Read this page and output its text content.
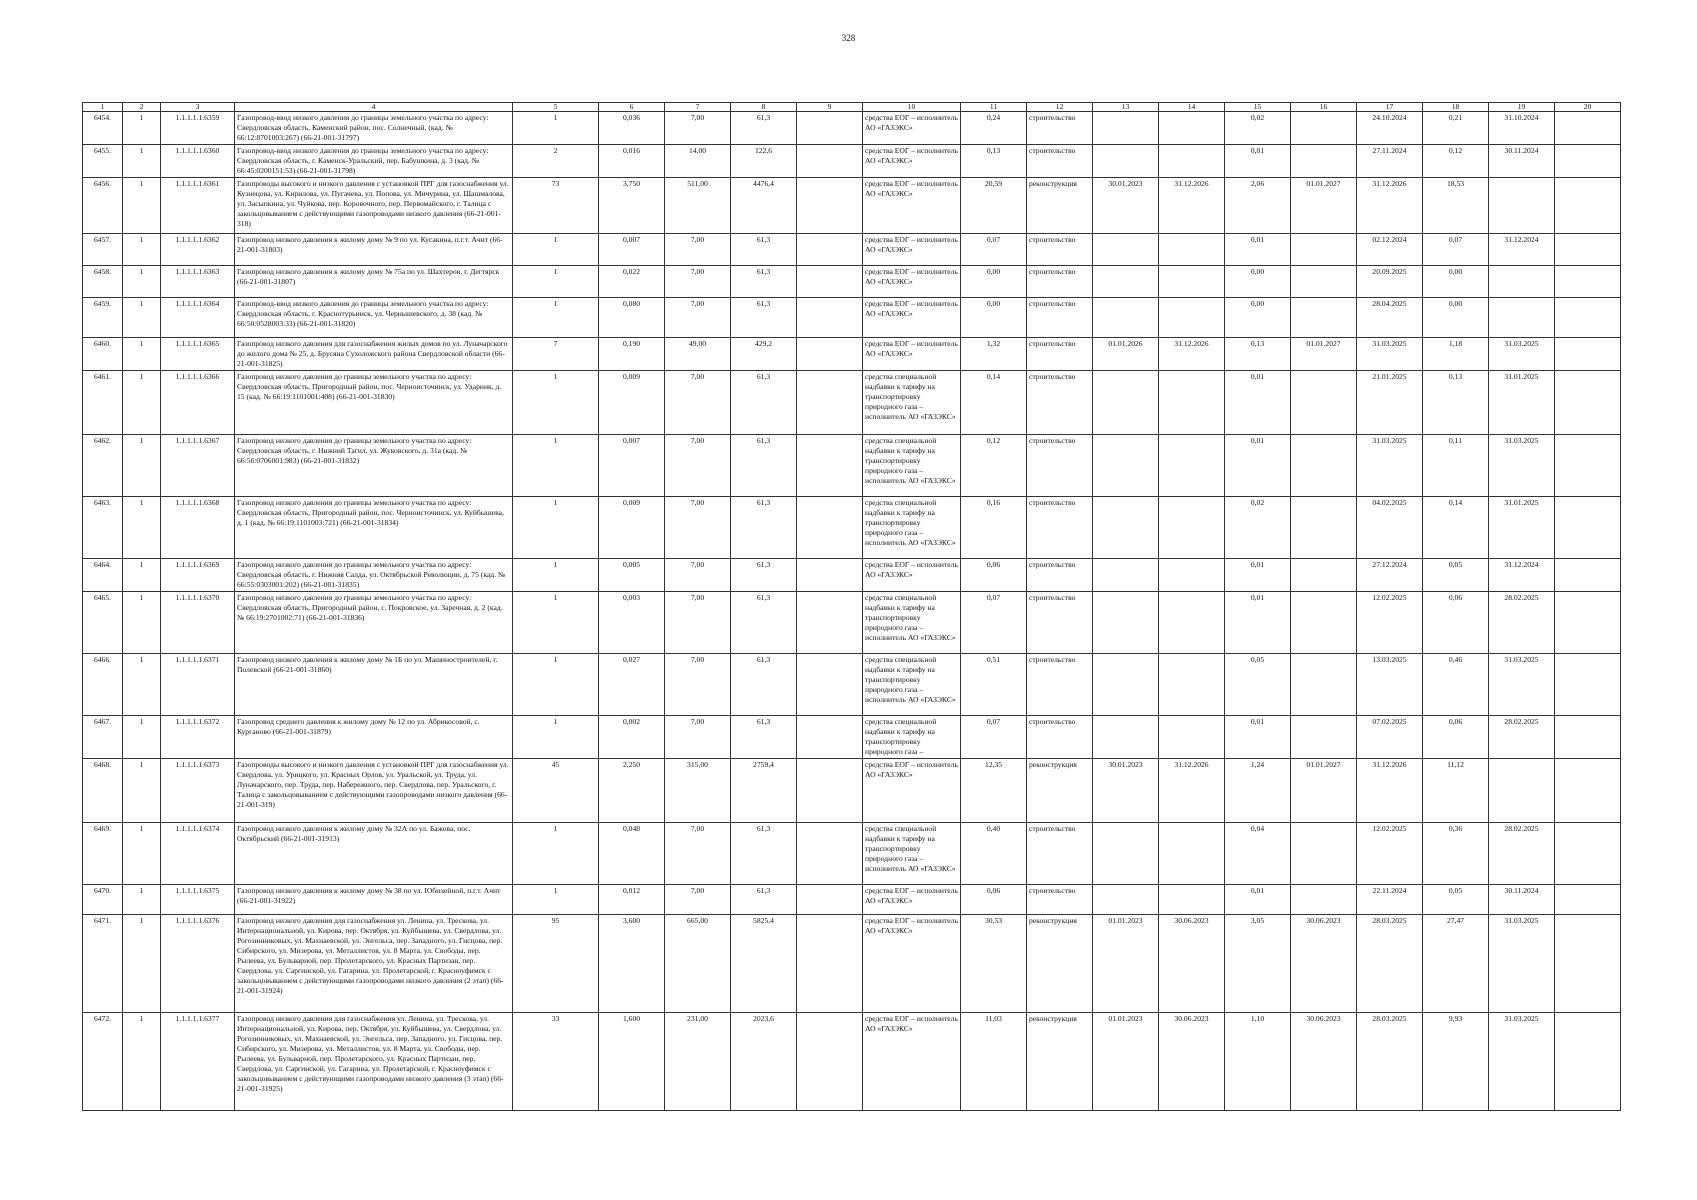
328
1	2	3	4	5	6	7	8	9	10	11	12	13	14	15	16	17	18	19	20
6454.	1	1.1.1.1.1.6359	Газопровод-ввод низкого давления до границы земельного участка по адресу: Свердловская область, Каменский район, пос. Солнечный, (кад. № 66:12:8701003:267) (66-21-001-31797)	1	0,036	7,00	61,3		средства ЕОГ – исполнитель АО «ГАЗЭКС»	0,24	строительство			0,02		24.10.2024	0,21	31.10.2024	
6455.	1	1.1.1.1.1.6360	Газопровод-ввод низкого давления до границы земельного участка по адресу: Свердловская область, г. Каменск-Уральский, пер. Бабушкина, д. 3 (кад. № 66:45:0200151:53) (66-21-001-31798)	2	0,016	14,00	122,6		средства ЕОГ – исполнитель АО «ГАЗЭКС»	0,13	строительство			0,01		27.11.2024	0,12	30.11.2024	
6456.	1	1.1.1.1.1.6361	Газопроводы высокого и низкого давления с установкой ПРГ для газоснабжения ул. Кузнецова, ул. Кирилова, ул. Пугачева, ул. Попова, ул. Мичурина, ул. Шашмалова, ул. Засыпкина, ул. Чуйкова, пер. Коровочного, пер. Первомайского, г. Талица с закольцовыванием с действующими газопроводами низкого давления (66-21-001-318)	73	3,750	511,00	4476,4		средства ЕОГ – исполнитель АО «ГАЗЭКС»	20,59	реконструкция	30.01.2023	31.12.2026	2,06	01.01.2027	31.12.2026	18,53		
6457.	1	1.1.1.1.1.6362	Газопровод низкого давления к жилому дому № 9 по ул. Кусакина, п.г.т. Ачит (66-21-001-31803)	1	0,007	7,00	61,3		средства ЕОГ – исполнитель АО «ГАЗЭКС»	0,07	строительство			0,01		02.12.2024	0,07	31.12.2024	
6458.	1	1.1.1.1.1.6363	Газопровод низкого давления к жилому дому № 75а по ул. Шахтеров, г. Дегтярск (66-21-001-31807)	1	0,022	7,00	61,3		средства ЕОГ – исполнитель АО «ГАЗЭКС»	0,00	строительство			0,00		20.09.2025	0,00		
6459.	1	1.1.1.1.1.6364	Газопровод-ввод низкого давления до границы земельного участка по адресу: Свердловская область, г. Краснотурьинск, ул. Чернышевского, д. 38 (кад. № 66:50:0528003:33) (66-21-001-31820)	1	0,080	7,00	61,3		средства ЕОГ – исполнитель АО «ГАЗЭКС»	0,00	строительство			0,00		28.04.2025	0,00		
6460.	1	1.1.1.1.1.6365	Газопровод низкого давления для газоснабжения жилых домов по ул. Луначарского до жилого дома № 25, д. Брусяна Сухоложского района Свердловской области (66-21-001-31825)	7	0,190	49,00	429,2		средства ЕОГ – исполнитель АО «ГАЗЭКС»	1,32	строительство	01.01.2026	31.12.2026	0,13	01.01.2027	31.03.2025	1,18	31.03.2025	
6461.	1	1.1.1.1.1.6366	Газопровод низкого давления до границы земельного участка по адресу: Свердловская область, Пригородный район, пос. Черноисточинск, ул. Ударник, д. 15 (кад. № 66:19:1101001:408) (66-21-001-31830)	1	0,009	7,00	61,3		средства специальной надбавки к тарифу на транспортировку природного газа – исполнитель АО «ГАЗЭКС»	0,14	строительство			0,01		21.01.2025	0,13	31.01.2025	
6462.	1	1.1.1.1.1.6367	Газопровод низкого давления до границы земельного участка по адресу: Свердловская область, г. Нижний Тагил, ул. Жуковского, д. 31а (кад. № 66:56:0706001:983) (66-21-001-31832)	1	0,007	7,00	61,3		средства специальной надбавки к тарифу на транспортировку природного газа – исполнитель АО «ГАЗЭКС»	0,12	строительство			0,01		31.03.2025	0,11	31.03.2025	
6463.	1	1.1.1.1.1.6368	Газопровод низкого давления до границы земельного участка по адресу: Свердловская область, Пригородный район, пос. Черноисточинск, ул. Куйбышева, д. 1 (кад. № 66:19:1101003:721) (66-21-001-31834)	1	0,009	7,00	61,3		средства специальной надбавки к тарифу на транспортировку природного газа – исполнитель АО «ГАЗЭКС»	0,16	строительство			0,02		04.02.2025	0,14	31.01.2025	
6464.	1	1.1.1.1.1.6369	Газопровод низкого давления до границы земельного участка по адресу: Свердловская область, г. Нижняя Салда, ул. Октябрьской Революции, д. 75 (кад. № 66:55:0303001:202) (66-21-001-31835)	1	0,005	7,00	61,3		средства ЕОГ – исполнитель АО «ГАЗЭКС»	0,06	строительство			0,01		27.12.2024	0,05	31.12.2024	
6465.	1	1.1.1.1.1.6370	Газопровод низкого давления до границы земельного участка по адресу: Свердловская область, Пригородный район, с. Покровское, ул. Заречная, д. 2 (кад. № 66:19:2701002:71) (66-21-001-31836)	1	0,003	7,00	61,3		средства специальной надбавки к тарифу на транспортировку природного газа – исполнитель АО «ГАЗЭКС»	0,07	строительство			0,01		12.02.2025	0,06	28.02.2025	
6466.	1	1.1.1.1.1.6371	Газопровод низкого давления к жилому дому № 1Б по ул. Машиностроителей, г. Полевской (66-21-001-31860)	1	0,027	7,00	61,3		средства специальной надбавки к тарифу на транспортировку природного газа – исполнитель АО «ГАЗЭКС»	0,51	строительство			0,05		13.03.2025	0,46	31.03.2025	
6467.	1	1.1.1.1.1.6372	Газопровод среднего давления к жилому дому № 12 по ул. Абрикосовой, с. Курганово (66-21-001-31879)	1	0,002	7,00	61,3		средства специальной надбавки к тарифу на транспортировку природного газа –	0,07	строительство			0,01		07.02.2025	0,06	28.02.2025	
6468.	1	1.1.1.1.1.6373	Газопроводы высокого и низкого давления с установкой ПРГ для газоснабжения ул. Свердлова, ул. Урицкого, ул. Красных Орлов, ул. Уральской, ул. Труда, ул. Луначарского, пер. Труда, пер. Набережного, пер. Свердлова, пер. Уральского, г. Талица с закольцовыванием с действующими газопроводами низкого давления (66-21-001-319)	45	2,250	315,00	2759,4		средства ЕОГ – исполнитель АО «ГАЗЭКС»	12,35	реконструкция	30.01.2023	31.12.2026	1,24	01.01.2027	31.12.2026	11,12		
6469.	1	1.1.1.1.1.6374	Газопровод низкого давления к жилому дому № 32А по ул. Бажова, пос. Октябрьский (66-21-001-31913)	1	0,048	7,00	61,3		средства специальной надбавки к тарифу на транспортировку природного газа – исполнитель АО «ГАЗЭКС»	0,40	строительство			0,04		12.02.2025	0,36	28.02.2025	
6470.	1	1.1.1.1.1.6375	Газопровод низкого давления к жилому дому № 38 по ул. Юбилейной, п.г.т. Ачит (66-21-001-31922)	1	0,012	7,00	61,3		средства ЕОГ – исполнитель АО «ГАЗЭКС»	0,06	строительство			0,01		22.11.2024	0,05	30.11.2024	
6471.	1	1.1.1.1.1.6376	Газопровод низкого давления для газоснабжения ул. Ленина, ул. Трескова, ул. Интернациональной, ул. Кирова, пер. Октября, ул. Куйбышева, ул. Свердлова, ул. Рогозинниковых, ул. Махнаевской, ул. Энгельса, пер. Западного, ул. Гисцова, пер. Сибирского, ул. Мизерова, ул. Металлистов, ул. 8 Марта, ул. Свободы, пер. Рылеева, ул. Бульварной, пер. Пролетарского, ул. Красных Партизан, пер. Свердлова, ул. Саргинской, ул. Гагарина, ул. Пролетарской, г. Красноуфимск с закольцовыванием с действующими газопроводами низкого давления (2 этап) (66-21-001-31924)	95	3,600	665,00	5825,4		средства ЕОГ – исполнитель АО «ГАЗЭКС»	30,53	реконструкция	01.01.2023	30.06.2023	3,05	30.06.2023	28.03.2025	27,47	31.03.2025	
6472.	1	1.1.1.1.1.6377	Газопровод низкого давления для газоснабжения ул. Ленина, ул. Трескова, ул. Интернациональной, ул. Кирова, пер. Октября, ул. Куйбышева, ул. Свердлова, ул. Рогозинниковых, ул. Махнаевской, ул. Энгельса, пер. Западного, ул. Гисцова, пер. Сибирского, ул. Мизерова, ул. Металлистов, ул. 8 Марта, ул. Свободы, пер. Рылеева, ул. Бульварной, пер. Пролетарского, ул. Красных Партизан, пер. Свердлова, ул. Саргинской, ул. Гагарина, ул. Пролетарской, г. Красноуфимск с закольцовыванием с действующими газопроводами низкого давления (3 этап) (66-21-001-31925)	33	1,600	231,00	2023,6		средства ЕОГ – исполнитель АО «ГАЗЭКС»	11,03	реконструкция	01.01.2023	30.06.2023	1,10	30.06.2023	28.03.2025	9,93	31.03.2025	
